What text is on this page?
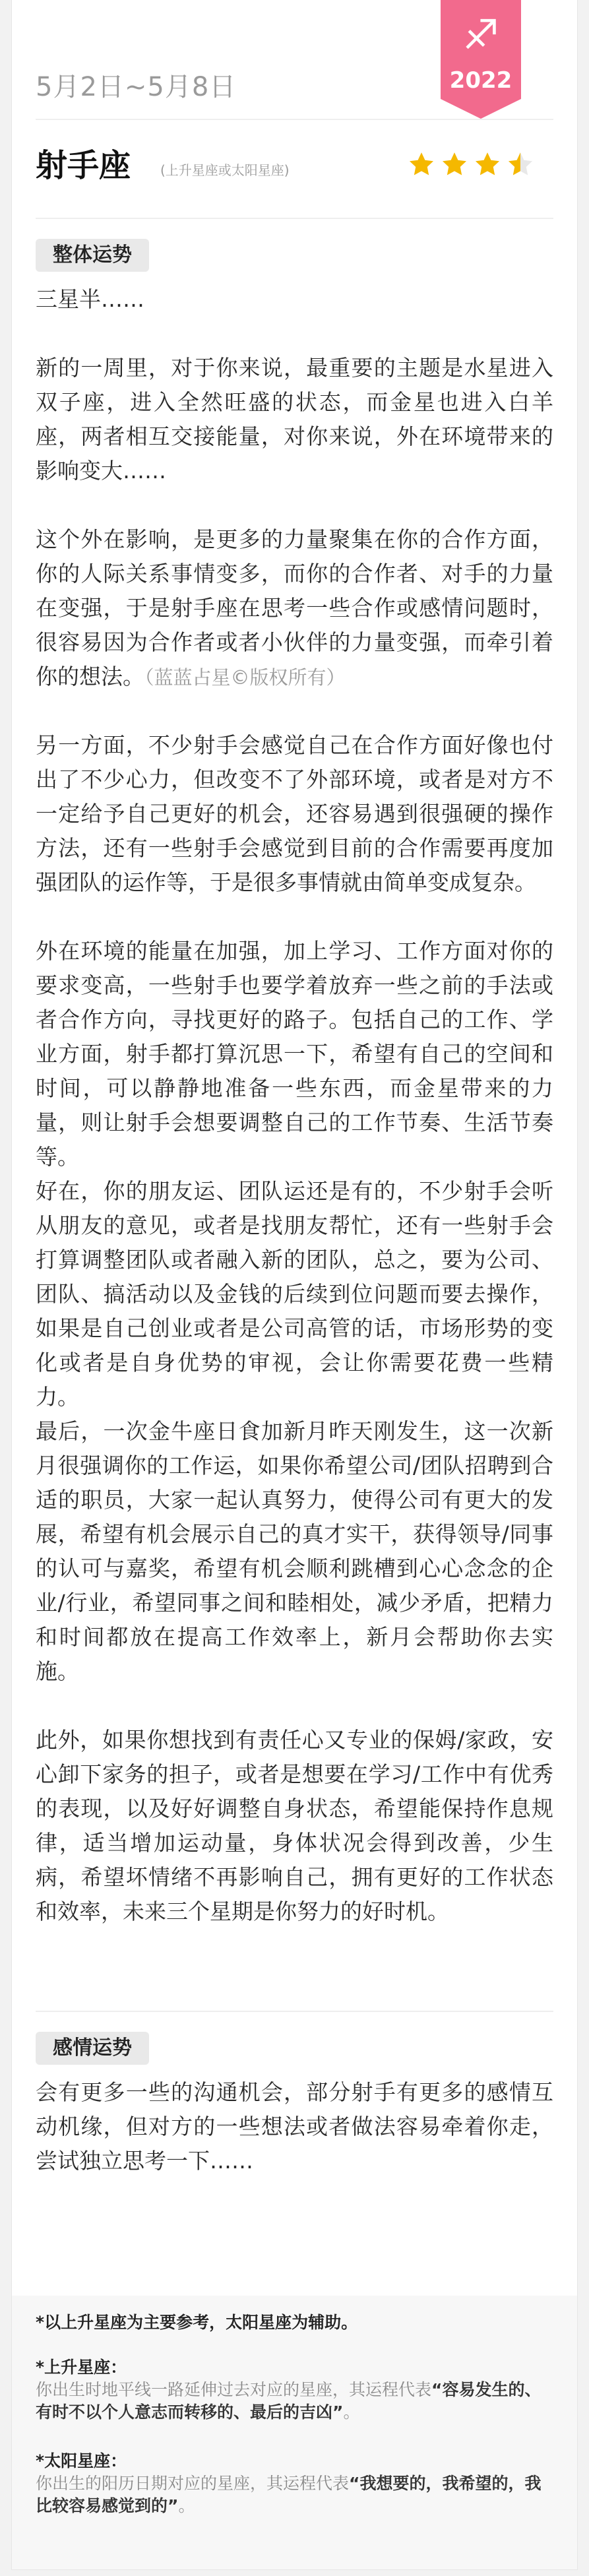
5月2日~5月8日
♐
2022
射手座 (上升星座或太阳星座)
整体运势

三星半……

新的一周里，对于你来说，最重要的主题是水星进入双子座，进入全然旺盛的状态，而金星也进入白羊座，两者相互交接能量，对你来说，外在环境带来的影响变大……

这个外在影响，是更多的力量聚集在你的合作方面，你的人际关系事情变多，而你的合作者、对手的力量在变强，于是射手座在思考一些合作或感情问题时，很容易因为合作者或者小伙伴的力量变强，而牵引着你的想法。（蓝蓝占星©版权所有）

另一方面，不少射手会感觉自己在合作方面好像也付出了不少心力，但改变不了外部环境，或者是对方不一定给予自己更好的机会，还容易遇到很强硬的操作方法，还有一些射手会感觉到目前的合作需要再度加强团队的运作等，于是很多事情就由简单变成复杂。

外在环境的能量在加强，加上学习、工作方面对你的要求变高，一些射手也要学着放弃一些之前的手法或者合作方向，寻找更好的路子。包括自己的工作、学业方面，射手都打算沉思一下，希望有自己的空间和时间，可以静静地准备一些东西，而金星带来的力量，则让射手会想要调整自己的工作节奏、生活节奏等。

好在，你的朋友运、团队运还是有的，不少射手会听从朋友的意见，或者是找朋友帮忙，还有一些射手会打算调整团队或者融入新的团队，总之，要为公司、团队、搞活动以及金钱的后续到位问题而要去操作，如果是自己创业或者是公司高管的话，市场形势的变化或者是自身优势的审视，会让你需要花费一些精力。

最后，一次金牛座日食加新月昨天刚发生，这一次新月很强调你的工作运，如果你希望公司/团队招聘到合适的职员，大家一起认真努力，使得公司有更大的发展，希望有机会展示自己的真才实干，获得领导/同事的认可与嘉奖，希望有机会顺利跳槽到心心念念的企业/行业，希望同事之间和睦相处，减少矛盾，把精力和时间都放在提高工作效率上，新月会帮助你去实施。

此外，如果你想找到有责任心又专业的保姆/家政，安心卸下家务的担子，或者是想要在学习/工作中有优秀的表现，以及好好调整自身状态，希望能保持作息规律，适当增加运动量，身体状况会得到改善，少生病，希望坏情绪不再影响自己，拥有更好的工作状态和效率，未来三个星期是你努力的好时机。

感情运势

会有更多一些的沟通机会，部分射手有更多的感情互动机缘，但对方的一些想法或者做法容易牵着你走，尝试独立思考一下……

*以上升星座为主要参考，太阳星座为辅助。
*上升星座：
你出生时地平线一路延伸过去对应的星座，其运程代表“容易发生的、有时不以个人意志而转移的、最后的吉凶”。
*太阳星座：
你出生的阳历日期对应的星座，其运程代表“我想要的，我希望的，我比较容易感觉到的”。
